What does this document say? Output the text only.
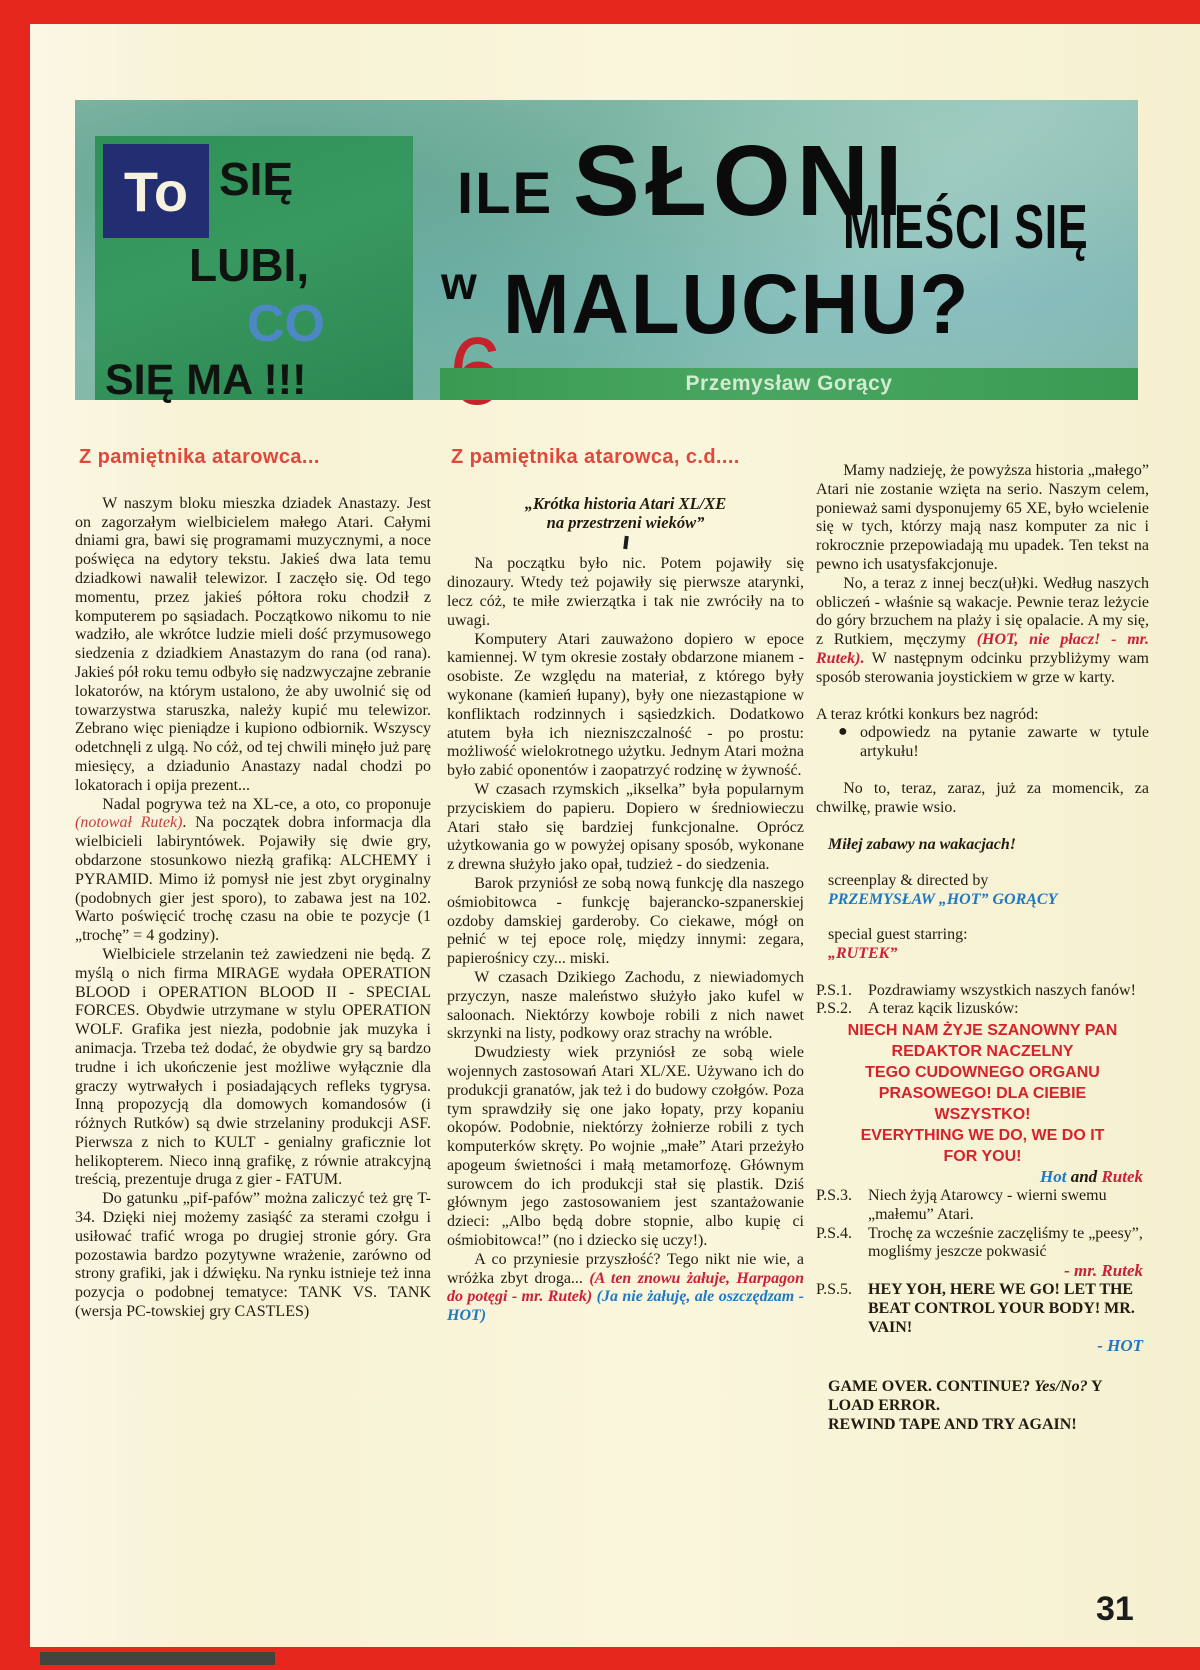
To SIĘ
LUBI,
CO
SIĘ MA !!!
ILE SŁONI
MIEŚCI SIĘ
w MALUCHU?
Przemysław Gorący
Z pamiętnika atarowca...
W naszym bloku mieszka dziadek Anastazy. Jest on zagorzałym wielbicielem małego Atari. Całymi dniami gra, bawi się programami muzycznymi, a noce poświęca na edytory tekstu. Jakieś dwa lata temu dziadkowi nawalił telewizor. I zaczęło się. Od tego momentu, przez jakieś półtora roku chodził z komputerem po sąsiadach. Początkowo nikomu to nie wadziło, ale wkrótce ludzie mieli dość przymusowego siedzenia z dziadkiem Anastazym do rana (od rana). Jakieś pół roku temu odbyło się nadzwyczajne zebranie lokatorów, na którym ustalono, że aby uwolnić się od towarzystwa staruszka, należy kupić mu telewizor. Zebrano więc pieniądze i kupiono odbiornik. Wszyscy odetchnęli z ulgą. No cóż, od tej chwili minęło już parę miesięcy, a dziadunio Anastazy nadal chodzi po lokatorach i opija prezent...
Nadal pogrywa też na XL-ce, a oto, co proponuje (notował Rutek). Na początek dobra informacja dla wielbicieli labiryntówek. Pojawiły się dwie gry, obdarzone stosunkowo niezłą grafiką: ALCHEMY i PYRAMID. Mimo iż pomysł nie jest zbyt oryginalny (podobnych gier jest sporo), to zabawa jest na 102. Warto poświęcić trochę czasu na obie te pozycje (1 „trochę” = 4 godziny).
Wielbiciele strzelanin też zawiedzeni nie będą. Z myślą o nich firma MIRAGE wydała OPERATION BLOOD i OPERATION BLOOD II - SPECIAL FORCES. Obydwie utrzymane w stylu OPERATION WOLF. Grafika jest niezła, podobnie jak muzyka i animacja. Trzeba też dodać, że obydwie gry są bardzo trudne i ich ukończenie jest możliwe wyłącznie dla graczy wytrwałych i posiadających refleks tygrysa. Inną propozycją dla domowych komandosów (i różnych Rutków) są dwie strzelaniny produkcji ASF. Pierwsza z nich to KULT - genialny graficznie lot helikopterem. Nieco inną grafikę, z równie atrakcyjną treścią, prezentuje druga z gier - FATUM.
Do gatunku „pif-pafów” można zaliczyć też grę T-34. Dzięki niej możemy zasiąść za sterami czołgu i usiłować trafić wroga po drugiej stronie góry. Gra pozostawia bardzo pozytywne wrażenie, zarówno od strony grafiki, jak i dźwięku. Na rynku istnieje też inna pozycja o podobnej tematyce: TANK VS. TANK (wersja PC-towskiej gry CASTLES)
Z pamiętnika atarowca, c.d....
„Krótka historia Atari XL/XE
na przestrzeni wieków”
Na początku było nic. Potem pojawiły się dinozaury. Wtedy też pojawiły się pierwsze atarynki, lecz cóż, te miłe zwierzątka i tak nie zwróciły na to uwagi.
Komputery Atari zauważono dopiero w epoce kamiennej. W tym okresie zostały obdarzone mianem - osobiste. Ze względu na materiał, z którego były wykonane (kamień łupany), były one niezastąpione w konfliktach rodzinnych i sąsiedzkich. Dodatkowo atutem była ich niezniszczalność - po prostu: możliwość wielokrotnego użytku. Jednym Atari można było zabić oponentów i zaopatrzyć rodzinę w żywność.
W czasach rzymskich „ikselka” była popularnym przyciskiem do papieru. Dopiero w średniowieczu Atari stało się bardziej funkcjonalne. Oprócz użytkowania go w powyżej opisany sposób, wykonane z drewna służyło jako opał, tudzież - do siedzenia.
Barok przyniósł ze sobą nową funkcję dla naszego ośmiobitowca - funkcję bajerancko-szpanerskiej ozdoby damskiej garderoby. Co ciekawe, mógł on pełnić w tej epoce rolę, między innymi: zegara, papierośnicy czy... miski.
W czasach Dzikiego Zachodu, z niewiadomych przyczyn, nasze maleństwo służyło jako kufel w saloonach. Niektórzy kowboje robili z nich nawet skrzynki na listy, podkowy oraz strachy na wróble.
Dwudziesty wiek przyniósł ze sobą wiele wojennych zastosowań Atari XL/XE. Używano ich do produkcji granatów, jak też i do budowy czołgów. Poza tym sprawdziły się one jako łopaty, przy kopaniu okopów. Podobnie, niektórzy żołnierze robili z tych komputerków skręty. Po wojnie „małe” Atari przeżyło apogeum świetności i małą metamorfozę. Głównym surowcem do ich produkcji stał się plastik. Dziś głównym jego zastosowaniem jest szantażowanie dzieci: „Albo będą dobre stopnie, albo kupię ci ośmiobitowca!” (no i dziecko się uczy!).
A co przyniesie przyszłość? Tego nikt nie wie, a wróżka zbyt droga... (A ten znowu żałuje, Harpagon do potęgi - mr. Rutek) (Ja nie żałuję, ale oszczędzam - HOT)
Mamy nadzieję, że powyższa historia „małego” Atari nie zostanie wzięta na serio. Naszym celem, ponieważ sami dysponujemy 65 XE, było wcielenie się w tych, którzy mają nasz komputer za nic i rokrocznie przepowiadają mu upadek. Ten tekst na pewno ich usatysfakcjonuje.
No, a teraz z innej becz(uł)ki. Według naszych obliczeń - właśnie są wakacje. Pewnie teraz leżycie do góry brzuchem na plaży i się opalacie. A my się, z Rutkiem, męczymy (HOT, nie płacz! - mr. Rutek). W następnym odcinku przybliżymy wam sposób sterowania joystickiem w grze w karty.
A teraz krótki konkurs bez nagród:
● odpowiedz na pytanie zawarte w tytule artykułu!
No to, teraz, zaraz, już za momencik, za chwilkę, prawie wsio.
Miłej zabawy na wakacjach!
screenplay & directed by
PRZEMYSŁAW „HOT” GORĄCY
special guest starring:
„RUTEK”
P.S.1. Pozdrawiamy wszystkich naszych fanów!
P.S.2. A teraz kącik lizusków:
NIECH NAM ŻYJE SZANOWNY PAN
REDAKTOR NACZELNY
TEGO CUDOWNEGO ORGANU
PRASOWEGO! DLA CIEBIE
WSZYSTKO!
EVERYTHING WE DO, WE DO IT
FOR YOU!
Hot and Rutek
P.S.3. Niech żyją Atarowcy - wierni swemu „małemu” Atari.
P.S.4. Trochę za wcześnie zaczęliśmy te „peesy”, mogliśmy jeszcze pokwasić
- mr. Rutek
P.S.5. HEY YOH, HERE WE GO! LET THE BEAT CONTROL YOUR BODY! MR. VAIN!
- HOT
GAME OVER. CONTINUE? Yes/No? Y
LOAD ERROR.
REWIND TAPE AND TRY AGAIN!
31
